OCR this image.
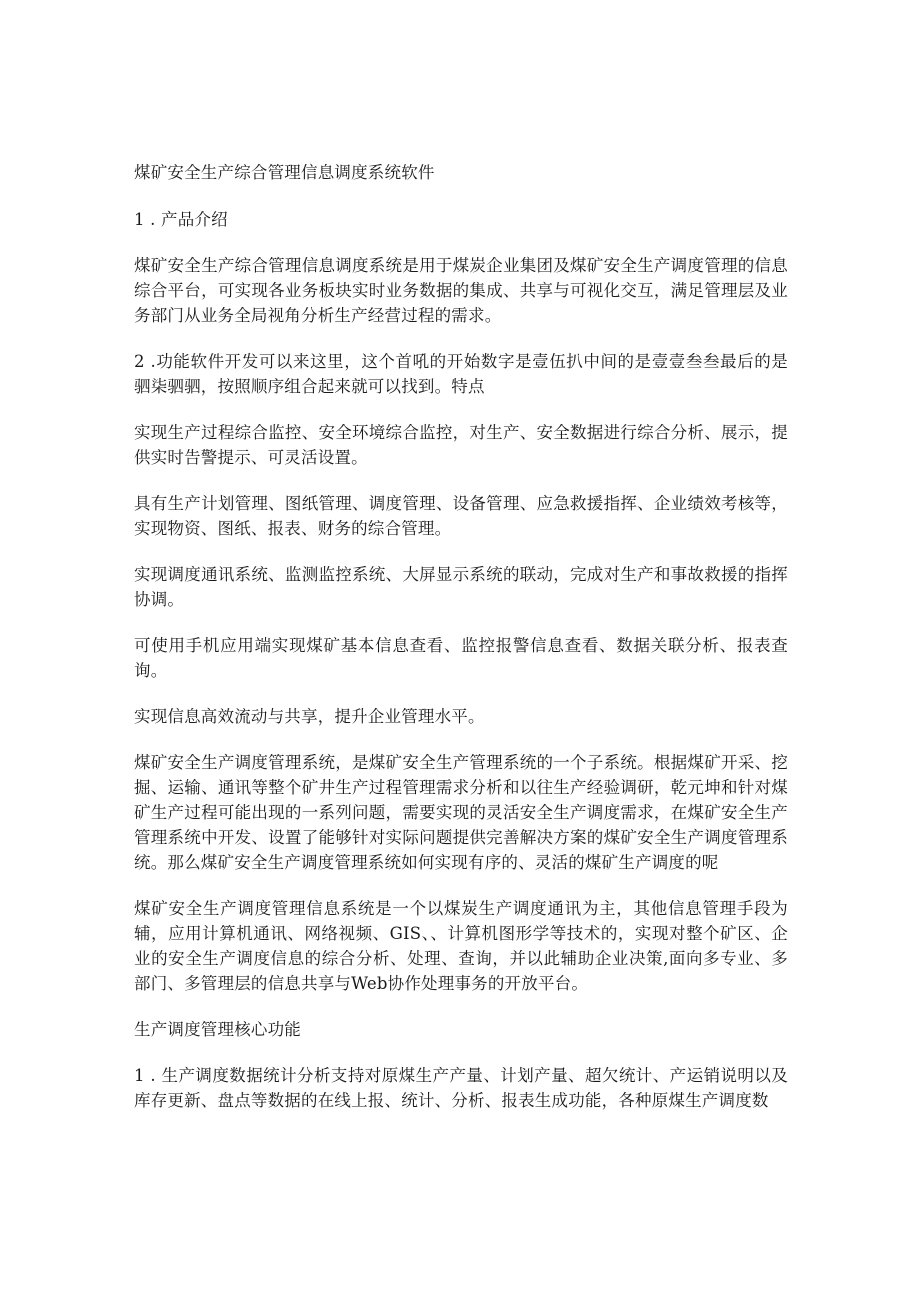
煤矿安全生产综合管理信息调度系统软件

1 . 产品介绍

煤矿安全生产综合管理信息调度系统是用于煤炭企业集团及煤矿安全生产调度管理的信息综合平台，可实现各业务板块实时业务数据的集成、共享与可视化交互，满足管理层及业务部门从业务全局视角分析生产经营过程的需求。

2 .功能软件开发可以来这里，这个首吼的开始数字是壹伍扒中间的是壹壹叁叁最后的是驷柒驷驷，按照顺序组合起来就可以找到。特点

实现生产过程综合监控、安全环境综合监控，对生产、安全数据进行综合分析、展示，提供实时告警提示、可灵活设置。

具有生产计划管理、图纸管理、调度管理、设备管理、应急救援指挥、企业绩效考核等，实现物资、图纸、报表、财务的综合管理。

实现调度通讯系统、监测监控系统、大屏显示系统的联动，完成对生产和事故救援的指挥协调。

可使用手机应用端实现煤矿基本信息查看、监控报警信息查看、数据关联分析、报表查询。

实现信息高效流动与共享，提升企业管理水平。

煤矿安全生产调度管理系统，是煤矿安全生产管理系统的一个子系统。根据煤矿开采、挖掘、运输、通讯等整个矿井生产过程管理需求分析和以往生产经验调研，乾元坤和针对煤矿生产过程可能出现的一系列问题，需要实现的灵活安全生产调度需求，在煤矿安全生产管理系统中开发、设置了能够针对实际问题提供完善解决方案的煤矿安全生产调度管理系统。那么煤矿安全生产调度管理系统如何实现有序的、灵活的煤矿生产调度的呢

煤矿安全生产调度管理信息系统是一个以煤炭生产调度通讯为主，其他信息管理手段为辅，应用计算机通讯、网络视频、GIS、、计算机图形学等技术的，实现对整个矿区、企业的安全生产调度信息的综合分析、处理、查询，并以此辅助企业决策,面向多专业、多部门、多管理层的信息共享与Web协作处理事务的开放平台。

生产调度管理核心功能

1 . 生产调度数据统计分析支持对原煤生产产量、计划产量、超欠统计、产运销说明以及库存更新、盘点等数据的在线上报、统计、分析、报表生成功能，各种原煤生产调度数
